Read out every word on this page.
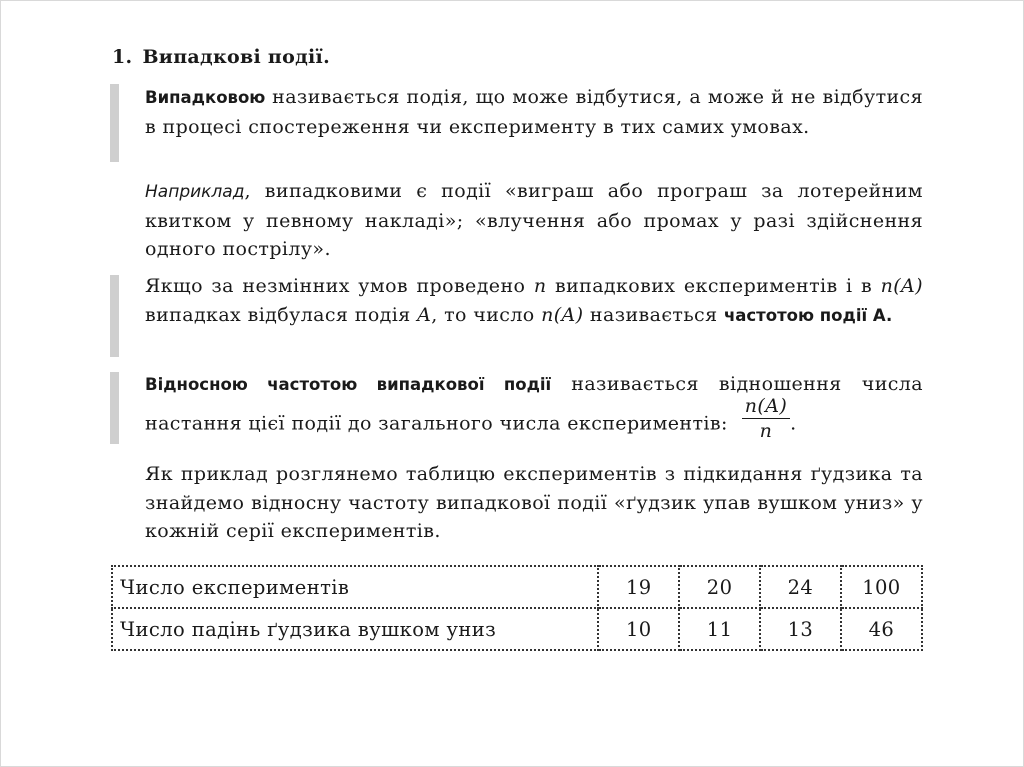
1. Випадкові події.
Випадковою називається подія, що може відбутися, а може й не відбутися в процесі спостереження чи експерименту в тих самих умовах.
Наприклад, випадковими є події «виграш або програш за лотерейним квитком у певному накладі»; «влучення або промах у разі здійснення одного пострілу».
Якщо за незмінних умов проведено n випадкових експериментів і в n(A) випадках відбулася подія A, то число n(A) називається частотою події A.
Відносною частотою випадкової події називається відношення числа настання цієї події до загального числа експериментів: $\frac{n(A)}{n}$ .
Як приклад розглянемо таблицю експериментів з підкидання ґудзика та знайдемо відносну частоту випадкової події «ґудзик упав вушком униз» у кожній серії експериментів.
Число експериментів	19	20	24	100
Число падінь ґудзика вушком униз	10	11	13	46
